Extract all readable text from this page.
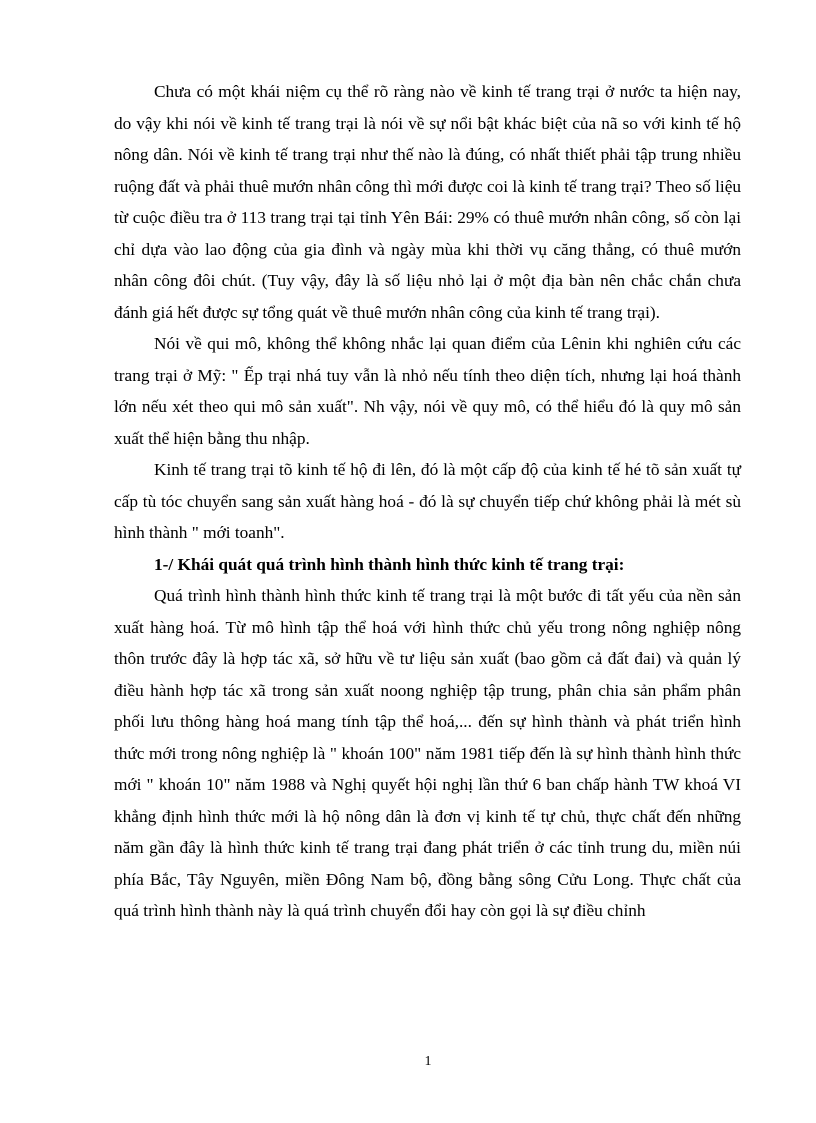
Chưa có một khái niệm cụ thể rõ ràng nào về kinh tế trang trại ở nước ta hiện nay, do vậy khi nói về kinh tế trang trại là nói về sự nổi bật khác biệt của nã so với kinh tế hộ nông dân. Nói về kinh tế trang trại như thế nào là đúng, có nhất thiết phải tập trung nhiều ruộng đất và phải thuê mướn nhân công thì mới được coi là kinh tế trang trại? Theo số liệu từ cuộc điều tra ở 113 trang trại tại tỉnh Yên Bái: 29% có thuê mướn nhân công, số còn lại chỉ dựa vào lao động của gia đình và ngày mùa khi thời vụ căng thẳng, có thuê mướn nhân công đôi chút. (Tuy vậy, đây là số liệu nhỏ lại ở một địa bàn nên chắc chắn chưa đánh giá hết được sự tổng quát về thuê mướn nhân công của kinh tế trang trại).

Nói về qui mô, không thể không nhắc lại quan điểm của Lênin khi nghiên cứu các trang trại ở Mỹ: " Ếp trại nhá tuy vẫn là nhỏ nếu tính theo diện tích, nhưng lại hoá thành lớn nếu xét theo qui mô sản xuất". Nh vậy, nói về quy mô, có thể hiểu đó là quy mô sản xuất thể hiện bằng thu nhập.

Kinh tế trang trại tõ kinh tế hộ đi lên, đó là một cấp độ của kinh tế hé tõ sản xuất tự cấp tù tóc chuyển sang sản xuất hàng hoá - đó là sự chuyển tiếp chứ không phải là mét sù hình thành " mới toanh".

1-/ Khái quát quá trình hình thành hình thức kinh tế trang trại:

Quá trình hình thành hình thức kinh tế trang trại là một bước đi tất yếu của nền sản xuất hàng hoá. Từ mô hình tập thể hoá với hình thức chủ yếu trong nông nghiệp nông thôn trước đây là hợp tác xã, sở hữu về tư liệu sản xuất (bao gồm cả đất đai) và quản lý điều hành hợp tác xã trong sản xuất noong nghiệp tập trung, phân chia sản phẩm phân phối lưu thông hàng hoá mang tính tập thể hoá,... đến sự hình thành và phát triển hình thức mới trong nông nghiệp là " khoán 100" năm 1981 tiếp đến là sự hình thành hình thức mới " khoán 10" năm 1988 và Nghị quyết hội nghị lần thứ 6 ban chấp hành TW khoá VI khẳng định hình thức mới là hộ nông dân là đơn vị kinh tế tự chủ, thực chất đến những năm gần đây là hình thức kinh tế trang trại đang phát triển ở các tỉnh trung du, miền núi phía Bắc, Tây Nguyên, miền Đông Nam bộ, đồng bằng sông Cửu Long. Thực chất của quá trình hình thành này là quá trình chuyển đổi hay còn gọi là sự điều chỉnh

1
